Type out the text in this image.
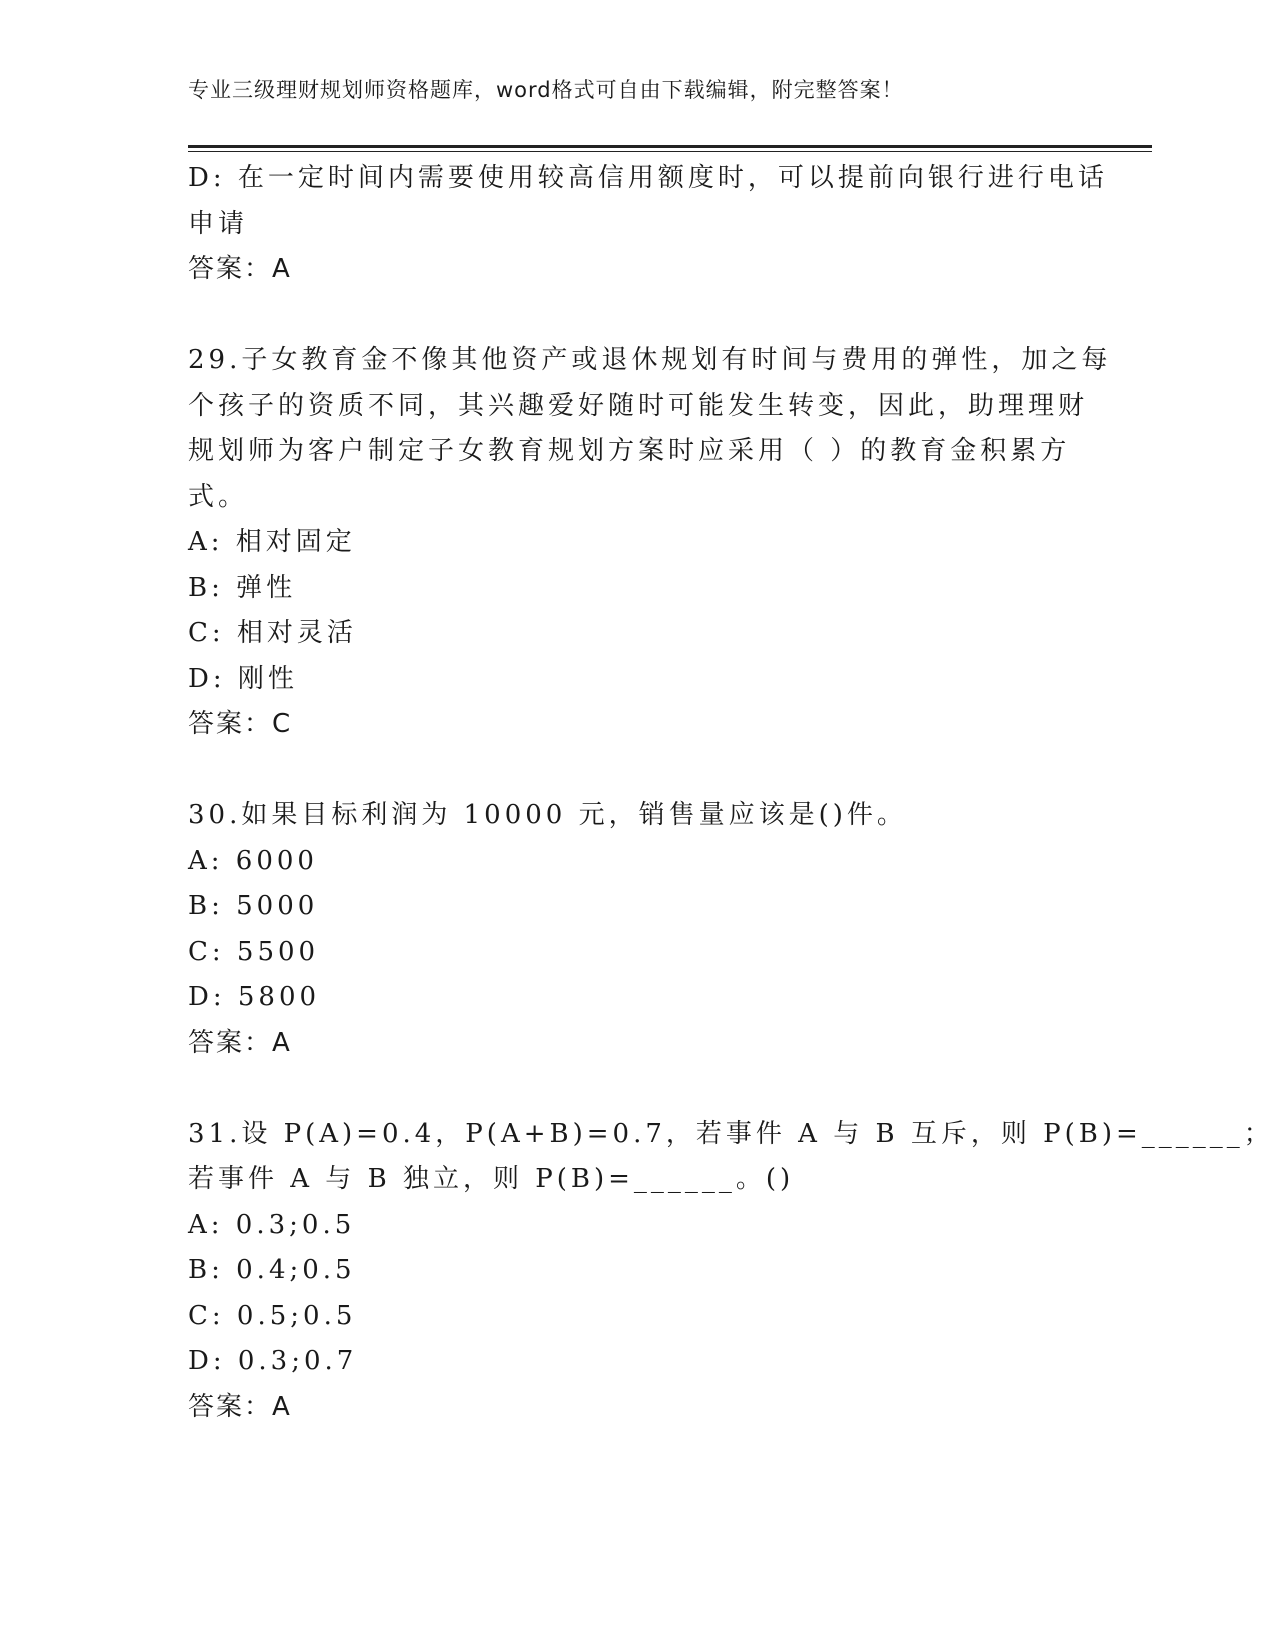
专业三级理财规划师资格题库，word格式可自由下载编辑，附完整答案！
D: 在一定时间内需要使用较高信用额度时，可以提前向银行进行电话
申请
答案：A
29.子女教育金不像其他资产或退休规划有时间与费用的弹性，加之每
个孩子的资质不同，其兴趣爱好随时可能发生转变，因此，助理理财
规划师为客户制定子女教育规划方案时应采用（ ）的教育金积累方
式。
A: 相对固定
B: 弹性
C: 相对灵活
D: 刚性
答案：C
30.如果目标利润为 10000 元，销售量应该是()件。
A: 6000
B: 5000
C: 5500
D: 5800
答案：A
31.设 P(A)=0.4，P(A+B)=0.7，若事件 A 与 B 互斥，则 P(B)=______；
若事件 A 与 B 独立，则 P(B)=______。()
A: 0.3;0.5
B: 0.4;0.5
C: 0.5;0.5
D: 0.3;0.7
答案：A
